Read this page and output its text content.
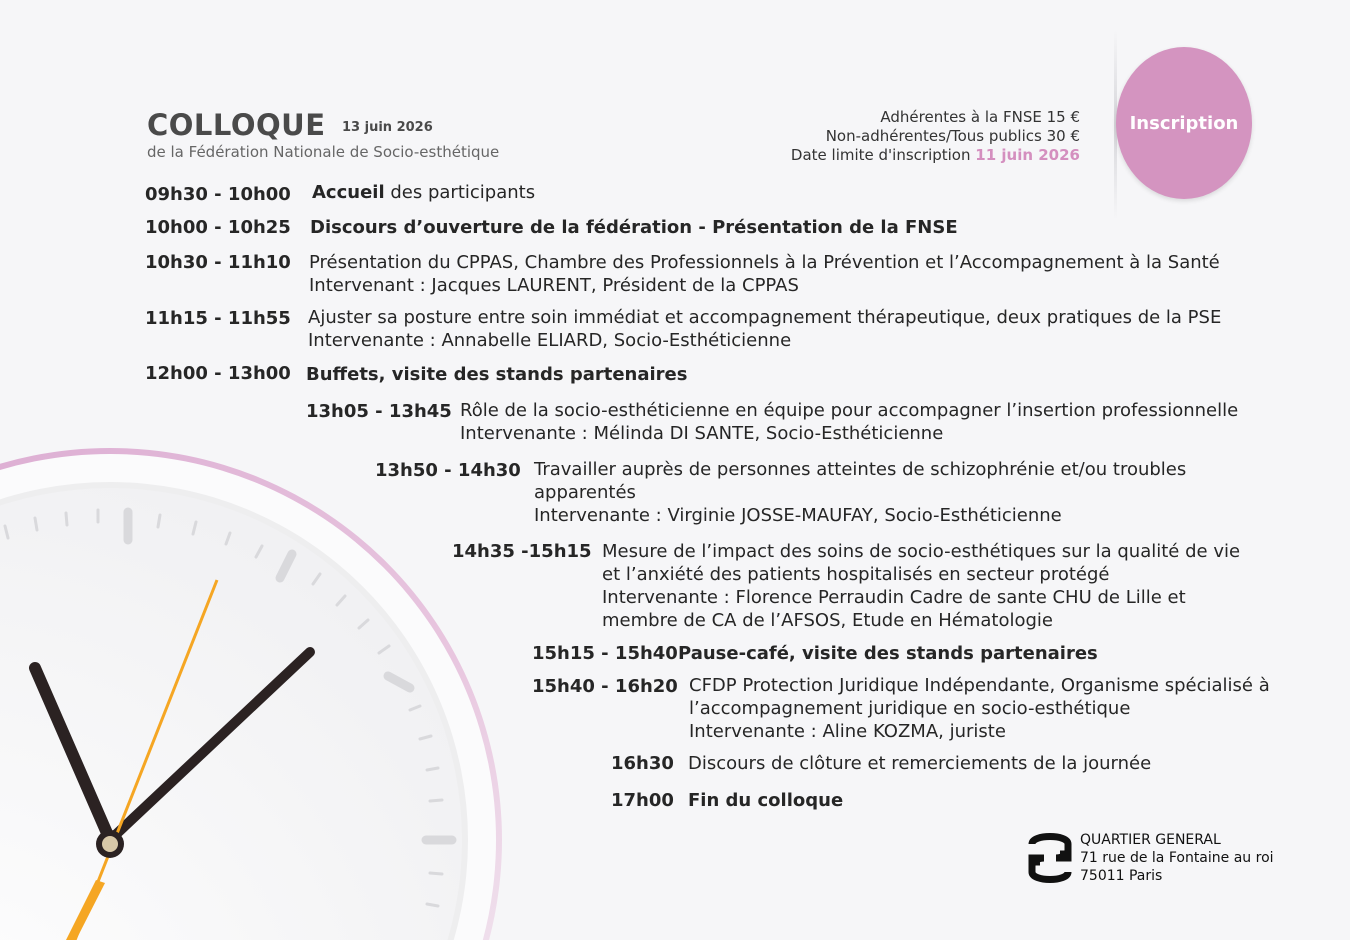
COLLOQUE 13 juin 2026
de la Fédération Nationale de Socio-esthétique
Adhérentes à la FNSE 15 €
Non-adhérentes/Tous publics 30 €
Date limite d'inscription 11 juin 2026
Inscription
09h30 - 10h00 Accueil des participants
10h00 - 10h25 Discours d’ouverture de la fédération - Présentation de la FNSE
10h30 - 11h10 Présentation du CPPAS, Chambre des Professionnels à la Prévention et l’Accompagnement à la Santé
Intervenant : Jacques LAURENT, Président de la CPPAS
11h15 - 11h55 Ajuster sa posture entre soin immédiat et accompagnement thérapeutique, deux pratiques de la PSE
Intervenante : Annabelle ELIARD, Socio-Esthéticienne
12h00 - 13h00 Buffets, visite des stands partenaires
13h05 - 13h45 Rôle de la socio-esthéticienne en équipe pour accompagner l’insertion professionnelle
Intervenante : Mélinda DI SANTE, Socio-Esthéticienne
13h50 - 14h30 Travailler auprès de personnes atteintes de schizophrénie et/ou troubles
apparentés
Intervenante : Virginie JOSSE-MAUFAY, Socio-Esthéticienne
14h35 -15h15 Mesure de l’impact des soins de socio-esthétiques sur la qualité de vie
et l’anxiété des patients hospitalisés en secteur protégé
Intervenante : Florence Perraudin Cadre de sante CHU de Lille et
membre de CA de l’AFSOS, Etude en Hématologie
15h15 - 15h40 Pause-café, visite des stands partenaires
15h40 - 16h20 CFDP Protection Juridique Indépendante, Organisme spécialisé à
l’accompagnement juridique en socio-esthétique
Intervenante : Aline KOZMA, juriste
16h30 Discours de clôture et remerciements de la journée
17h00 Fin du colloque
QUARTIER GENERAL
71 rue de la Fontaine au roi
75011 Paris
